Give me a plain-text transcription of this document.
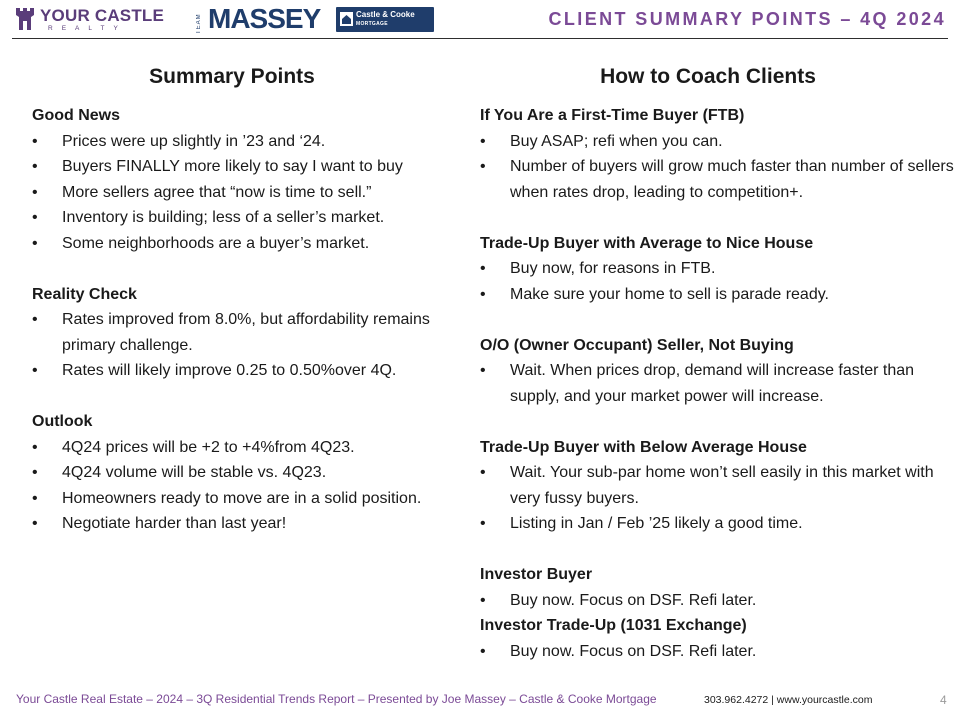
YOUR CASTLE
REALTY	TEAM MASSEY	Castle & Cooke
MORTGAGE	CLIENT SUMMARY POINTS – 4Q 2024
Summary Points
Good News
• Prices were up slightly in ’23 and ‘24.
• Buyers FINALLY more likely to say I want to buy
• More sellers agree that “now is time to sell.”
• Inventory is building; less of a seller’s market.
• Some neighborhoods are a buyer’s market.
Reality Check
• Rates improved from 8.0%, but affordability remains primary challenge.
• Rates will likely improve 0.25 to 0.50%over 4Q.
Outlook
• 4Q24 prices will be +2 to +4%from 4Q23.
• 4Q24 volume will be stable vs. 4Q23.
• Homeowners ready to move are in a solid position.
• Negotiate harder than last year!
How to Coach Clients
If You Are a First-Time Buyer (FTB)
• Buy ASAP; refi when you can.
• Number of buyers will grow much faster than number of sellers when rates drop, leading to competition+.
Trade-Up Buyer with Average to Nice House
• Buy now, for reasons in FTB.
• Make sure your home to sell is parade ready.
O/O (Owner Occupant) Seller, Not Buying
• Wait. When prices drop, demand will increase faster than supply, and your market power will increase.
Trade-Up Buyer with Below Average House
• Wait. Your sub-par home won’t sell easily in this market with very fussy buyers.
• Listing in Jan / Feb ’25 likely a good time.
Investor Buyer
• Buy now. Focus on DSF. Refi later.
Investor Trade-Up (1031 Exchange)
• Buy now. Focus on DSF. Refi later.
Your Castle Real Estate – 2024 – 3Q Residential Trends Report – Presented by Joe Massey – Castle & Cooke Mortgage	303.962.4272 | www.yourcastle.com	4
